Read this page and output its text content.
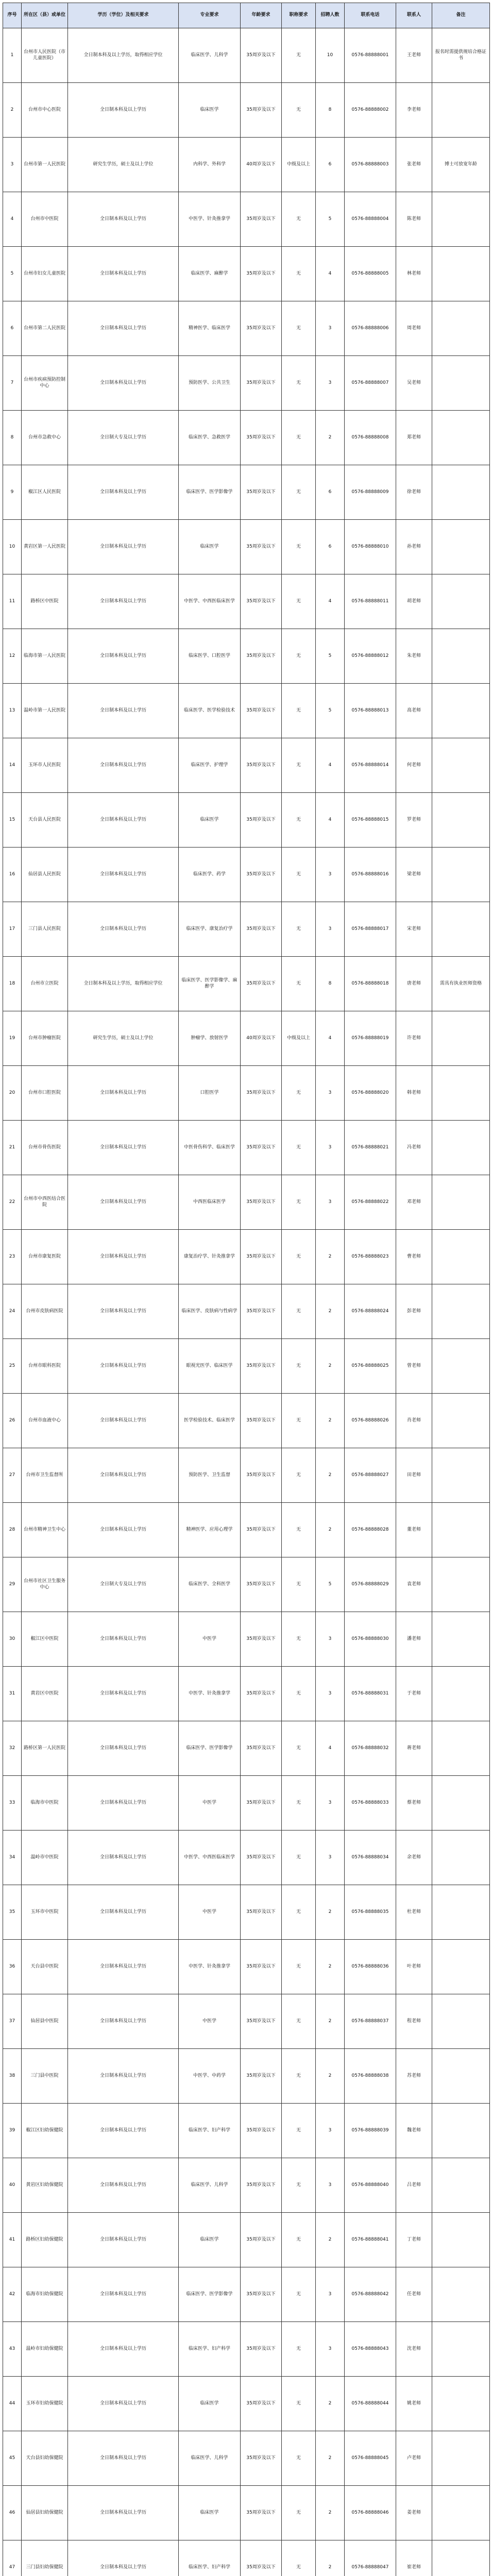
序号	所在区（县）或单位	学历（学位）及相关要求	专业要求	年龄要求	职称要求	招聘人数	联系电话	联系人	备注
1	台州市人民医院（市儿童医院）	全日制本科及以上学历，取得相应学位	临床医学、儿科学	35周岁及以下	无	10	0576-88888001	王老师	报名时需提供规培合格证书
2	台州市中心医院	全日制本科及以上学历	临床医学	35周岁及以下	无	8	0576-88888002	李老师	
3	台州市第一人民医院	研究生学历，硕士及以上学位	内科学、外科学	40周岁及以下	中级及以上	6	0576-88888003	张老师	博士可放宽年龄
4	台州市中医院	全日制本科及以上学历	中医学、针灸推拿学	35周岁及以下	无	5	0576-88888004	陈老师	
5	台州市妇女儿童医院	全日制本科及以上学历	临床医学、麻醉学	35周岁及以下	无	4	0576-88888005	林老师	
6	台州市第二人民医院	全日制本科及以上学历	精神医学、临床医学	35周岁及以下	无	3	0576-88888006	周老师	
7	台州市疾病预防控制中心	全日制本科及以上学历	预防医学、公共卫生	35周岁及以下	无	3	0576-88888007	吴老师	
8	台州市急救中心	全日制大专及以上学历	临床医学、急救医学	35周岁及以下	无	2	0576-88888008	郑老师	
9	椒江区人民医院	全日制本科及以上学历	临床医学、医学影像学	35周岁及以下	无	6	0576-88888009	徐老师	
10	黄岩区第一人民医院	全日制本科及以上学历	临床医学	35周岁及以下	无	6	0576-88888010	孙老师	
11	路桥区中医院	全日制本科及以上学历	中医学、中西医临床医学	35周岁及以下	无	4	0576-88888011	胡老师	
12	临海市第一人民医院	全日制本科及以上学历	临床医学、口腔医学	35周岁及以下	无	5	0576-88888012	朱老师	
13	温岭市第一人民医院	全日制本科及以上学历	临床医学、医学检验技术	35周岁及以下	无	5	0576-88888013	高老师	
14	玉环市人民医院	全日制本科及以上学历	临床医学、护理学	35周岁及以下	无	4	0576-88888014	何老师	
15	天台县人民医院	全日制本科及以上学历	临床医学	35周岁及以下	无	4	0576-88888015	罗老师	
16	仙居县人民医院	全日制本科及以上学历	临床医学、药学	35周岁及以下	无	3	0576-88888016	梁老师	
17	三门县人民医院	全日制本科及以上学历	临床医学、康复治疗学	35周岁及以下	无	3	0576-88888017	宋老师	
18	台州市立医院	全日制本科及以上学历，取得相应学位	临床医学、医学影像学、麻醉学	35周岁及以下	无	8	0576-88888018	唐老师	需具有执业医师资格
19	台州市肿瘤医院	研究生学历，硕士及以上学位	肿瘤学、放射医学	40周岁及以下	中级及以上	4	0576-88888019	许老师	
20	台州市口腔医院	全日制本科及以上学历	口腔医学	35周岁及以下	无	3	0576-88888020	韩老师	
21	台州市骨伤医院	全日制本科及以上学历	中医骨伤科学、临床医学	35周岁及以下	无	3	0576-88888021	冯老师	
22	台州市中西医结合医院	全日制本科及以上学历	中西医临床医学	35周岁及以下	无	3	0576-88888022	邓老师	
23	台州市康复医院	全日制本科及以上学历	康复治疗学、针灸推拿学	35周岁及以下	无	2	0576-88888023	曹老师	
24	台州市皮肤病医院	全日制本科及以上学历	临床医学、皮肤病与性病学	35周岁及以下	无	2	0576-88888024	彭老师	
25	台州市眼科医院	全日制本科及以上学历	眼视光医学、临床医学	35周岁及以下	无	2	0576-88888025	曾老师	
26	台州市血液中心	全日制本科及以上学历	医学检验技术、临床医学	35周岁及以下	无	2	0576-88888026	肖老师	
27	台州市卫生监督所	全日制本科及以上学历	预防医学、卫生监督	35周岁及以下	无	2	0576-88888027	田老师	
28	台州市精神卫生中心	全日制本科及以上学历	精神医学、应用心理学	35周岁及以下	无	2	0576-88888028	董老师	
29	台州市社区卫生服务中心	全日制大专及以上学历	临床医学、全科医学	35周岁及以下	无	5	0576-88888029	袁老师	
30	椒江区中医院	全日制本科及以上学历	中医学	35周岁及以下	无	3	0576-88888030	潘老师	
31	黄岩区中医院	全日制本科及以上学历	中医学、针灸推拿学	35周岁及以下	无	3	0576-88888031	于老师	
32	路桥区第一人民医院	全日制本科及以上学历	临床医学、医学影像学	35周岁及以下	无	4	0576-88888032	蒋老师	
33	临海市中医院	全日制本科及以上学历	中医学	35周岁及以下	无	3	0576-88888033	蔡老师	
34	温岭市中医院	全日制本科及以上学历	中医学、中西医临床医学	35周岁及以下	无	3	0576-88888034	余老师	
35	玉环市中医院	全日制本科及以上学历	中医学	35周岁及以下	无	2	0576-88888035	杜老师	
36	天台县中医院	全日制本科及以上学历	中医学、针灸推拿学	35周岁及以下	无	2	0576-88888036	叶老师	
37	仙居县中医院	全日制本科及以上学历	中医学	35周岁及以下	无	2	0576-88888037	程老师	
38	三门县中医院	全日制本科及以上学历	中医学、中药学	35周岁及以下	无	2	0576-88888038	苏老师	
39	椒江区妇幼保健院	全日制本科及以上学历	临床医学、妇产科学	35周岁及以下	无	3	0576-88888039	魏老师	
40	黄岩区妇幼保健院	全日制本科及以上学历	临床医学、儿科学	35周岁及以下	无	3	0576-88888040	吕老师	
41	路桥区妇幼保健院	全日制本科及以上学历	临床医学	35周岁及以下	无	2	0576-88888041	丁老师	
42	临海市妇幼保健院	全日制本科及以上学历	临床医学、医学影像学	35周岁及以下	无	3	0576-88888042	任老师	
43	温岭市妇幼保健院	全日制本科及以上学历	临床医学、妇产科学	35周岁及以下	无	3	0576-88888043	沈老师	
44	玉环市妇幼保健院	全日制本科及以上学历	临床医学	35周岁及以下	无	2	0576-88888044	姚老师	
45	天台县妇幼保健院	全日制本科及以上学历	临床医学、儿科学	35周岁及以下	无	2	0576-88888045	卢老师	
46	仙居县妇幼保健院	全日制本科及以上学历	临床医学	35周岁及以下	无	2	0576-88888046	姜老师	
47	三门县妇幼保健院	全日制本科及以上学历	临床医学、妇产科学	35周岁及以下	无	2	0576-88888047	崔老师	
